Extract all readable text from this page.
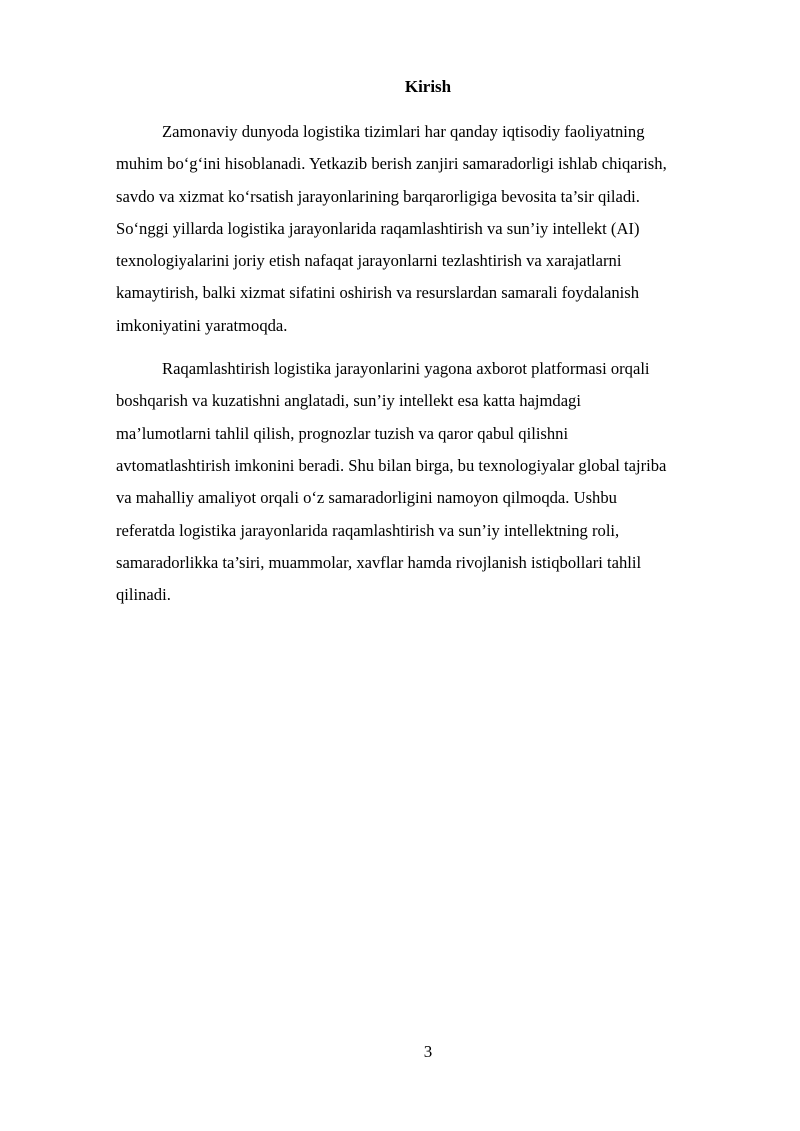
Kirish

Zamonaviy dunyoda logistika tizimlari har qanday iqtisodiy faoliyatning
muhim bo‘g‘ini hisoblanadi. Yetkazib berish zanjiri samaradorligi ishlab chiqarish,
savdo va xizmat ko‘rsatish jarayonlarining barqarorligiga bevosita ta’sir qiladi.
So‘nggi yillarda logistika jarayonlarida raqamlashtirish va sun’iy intellekt (AI)
texnologiyalarini joriy etish nafaqat jarayonlarni tezlashtirish va xarajatlarni
kamaytirish, balki xizmat sifatini oshirish va resurslardan samarali foydalanish
imkoniyatini yaratmoqda.

Raqamlashtirish logistika jarayonlarini yagona axborot platformasi orqali
boshqarish va kuzatishni anglatadi, sun’iy intellekt esa katta hajmdagi
ma’lumotlarni tahlil qilish, prognozlar tuzish va qaror qabul qilishni
avtomatlashtirish imkonini beradi. Shu bilan birga, bu texnologiyalar global tajriba
va mahalliy amaliyot orqali o‘z samaradorligini namoyon qilmoqda. Ushbu
referatda logistika jarayonlarida raqamlashtirish va sun’iy intellektning roli,
samaradorlikka ta’siri, muammolar, xavflar hamda rivojlanish istiqbollari tahlil
qilinadi.

3
